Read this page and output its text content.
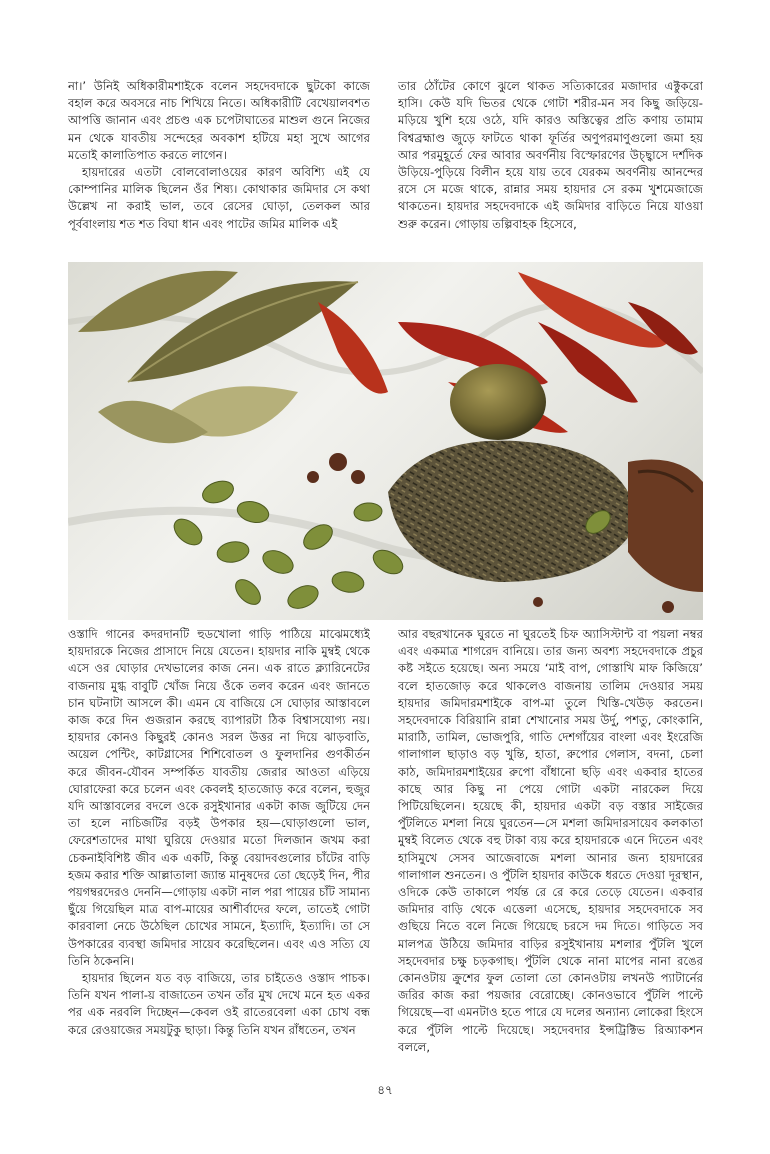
না।’ উনিই অধিকারীমশাইকে বলেন সহদেবদাকে ছুটকো কাজে বহাল করে অবসরে নাচ শিখিয়ে নিতে। অধিকারীটি বেখেয়ালবশত আপত্তি জানান এবং প্রচণ্ড এক চপেটাঘাতের মাশুল গুনে নিজের মন থেকে যাবতীয় সন্দেহের অবকাশ হটিয়ে মহা সুখে আগের মতোই কালাতিপাত করতে লাগেন।

হায়দারের এতটা বোলবোলাওয়ের কারণ অবিশ্যি এই যে কোম্পানির মালিক ছিলেন ওঁর শিষ্য। কোথাকার জমিদার সে কথা উল্লেখ না করাই ভাল, তবে রেসের ঘোড়া, তেলকল আর পূর্ববাংলায় শত শত বিঘা ধান এবং পাটের জমির মালিক এই

তার ঠোঁটের কোণে ঝুলে থাকত সত্যিকারের মজাদার এক্টুকরো হাসি। কেউ যদি ভিতর থেকে গোটা শরীর-মন সব কিছু জড়িয়ে-মড়িয়ে খুশি হয়ে ওঠে, যদি কারও অস্তিত্বের প্রতি কণায় তামাম বিশ্বব্রহ্মাণ্ড জুড়ে ফাটতে থাকা ফূর্তির অণুপরমাণুগুলো জমা হয় আর পরমুহূর্তে ফের আবার অবর্ণনীয় বিস্ফোরণের উচ্ছ্বাসে দর্শদিক উড়িয়ে-পুড়িয়ে বিলীন হয়ে যায় তবে যেরকম অবর্ণনীয় আনন্দের রসে সে মজে থাকে, রান্নার সময় হায়দার সে রকম খুশমেজাজে থাকতেন। হায়দার সহদেবদাকে এই জমিদার বাড়িতে নিয়ে যাওয়া শুরু করেন। গোড়ায় তল্পিবাহক হিসেবে,

ওস্তাদি গানের কদরদানটি হুডখোলা গাড়ি পাঠিয়ে মাঝেমধ্যেই হায়দারকে নিজের প্রাসাদে নিয়ে যেতেন। হায়দার নাকি মুম্বই থেকে এসে ওর ঘোড়ার দেখভালের কাজ নেন। এক রাতে ক্ল্যারিনেটের বাজনায় মুগ্ধ বাবুটি খোঁজ নিয়ে ওঁকে তলব করেন এবং জানতে চান ঘটনাটা আসলে কী। এমন যে বাজিয়ে সে ঘোড়ার আস্তাবলে কাজ করে দিন গুজরান করছে ব্যাপারটা ঠিক বিশ্বাসযোগ্য নয়। হায়দার কোনও কিছুরই কোনও সরল উত্তর না দিয়ে ঝাড়বাতি, অয়েল পেন্টিং, কাটগ্লাসের শিশিবোতল ও ফুলদানির গুণকীর্তন করে জীবন-যৌবন সম্পর্কিত যাবতীয় জেরার আওতা এড়িয়ে ঘোরাফেরা করে চলেন এবং কেবলই হাতজোড় করে বলেন, হুজুর যদি আস্তাবলের বদলে ওকে রসুইখানার একটা কাজ জুটিয়ে দেন তা হলে নাচিজটির বড়ই উপকার হয়—ঘোড়াগুলো ভাল, ফেরেশতাদের মাথা ঘুরিয়ে দেওয়ার মতো দিলজান জখম করা চেকনাইবিশিষ্ট জীব এক একটি, কিন্তু বেয়াদবগুলোর চাঁটের বাড়ি হজম করার শক্তি আল্লাতালা জ্যান্ত মানুষদের তো ছেড়েই দিন, পীর পয়গম্বরদেরও দেননি—গোড়ায় একটা নাল পরা পায়ের চাঁট সামান্য ছুঁয়ে গিয়েছিল মাত্র বাপ-মায়ের আশীর্বাদের ফলে, তাতেই গোটা কারবালা নেচে উঠেছিল চোখের সামনে, ইত্যাদি, ইত্যাদি। তা সে উপকারের ব্যবস্থা জমিদার সায়েব করেছিলেন। এবং এও সত্যি যে তিনি ঠকেননি।

হায়দার ছিলেন যত বড় বাজিয়ে, তার চাইতেও ওস্তাদ পাচক। তিনি যখন পালা-য় বাজাতেন তখন তাঁর মুখ দেখে মনে হত একর পর এক নরবলি দিচ্ছেন—কেবল ওই রাতেরবেলা একা চোখ বন্ধ করে রেওয়াজের সময়টুকু ছাড়া। কিন্তু তিনি যখন রাঁধতেন, তখন

আর বছরখানেক ঘুরতে না ঘুরতেই চিফ অ্যাসিস্টান্ট বা পয়লা নম্বর এবং একমাত্র শাগরেদ বানিয়ে। তার জন্য অবশ্য সহদেবদাকে প্রচুর কষ্ট সইতে হয়েছে। অন্য সময়ে ‘মাই বাপ, গোস্তাখি মাফ কিজিয়ে’ বলে হাতজোড় করে থাকলেও বাজনায় তালিম দেওয়ার সময় হায়দার জমিদারমশাইকে বাপ-মা তুলে খিস্তি-খেউড় করতেন। সহদেবদাকে বিরিয়ানি রান্না শেখানোর সময় উর্দু, পশতু, কোংকানি, মারাঠি, তামিল, ভোজপুরি, গাতি দেশগাঁয়ের বাংলা এবং ইংরেজি গালাগাল ছাড়াও বড় খুন্তি, হাতা, রুপোর গেলাস, বদনা, চেলা কাঠ, জমিদারমশাইয়ের রুপো বাঁধানো ছড়ি এবং একবার হাতের কাছে আর কিছু না পেয়ে গোটা একটা নারকেল দিয়ে পিটিয়েছিলেন। হয়েছে কী, হায়দার একটা বড় বস্তার সাইজের পুঁটলিতে মশলা নিয়ে ঘুরতেন—সে মশলা জমিদারসায়েব কলকাতা মুম্বই বিলেত থেকে বহু টাকা ব্যয় করে হায়দারকে এনে দিতেন এবং হাসিমুখে সেসব আজেবাজে মশলা আনার জন্য হায়দারের গালাগাল শুনতেন। ও পুঁটলি হায়দার কাউকে ধরতে দেওয়া দূরস্থান, ওদিকে কেউ তাকালে পর্যন্ত রে রে করে তেড়ে যেতেন। একবার জমিদার বাড়ি থেকে এত্তেলা এসেছে, হায়দার সহদেবদাকে সব গুছিয়ে নিতে বলে নিজে গিয়েছে চরসে দম দিতে। গাড়িতে সব মালপত্র উঠিয়ে জমিদার বাড়ির রসুইখানায় মশলার পুঁটলি খুলে সহদেবদার চক্ষু চড়কগাছ। পুঁটলি থেকে নানা মাপের নানা রঙের কোনওটায় ক্রুশের ফুল তোলা তো কোনওটায় লখনউ প্যাটার্নের জরির কাজ করা পয়জার বেরোচ্ছে। কোনওভাবে পুঁটলি পাল্টে গিয়েছে—বা এমনটাও হতে পারে যে দলের অন্যান্য লোকেরা হিংসে করে পুঁটলি পাল্টে দিয়েছে। সহদেবদার ইন্সট্রিক্টিভ রিঅ্যাকশন বললে,

৪৭
